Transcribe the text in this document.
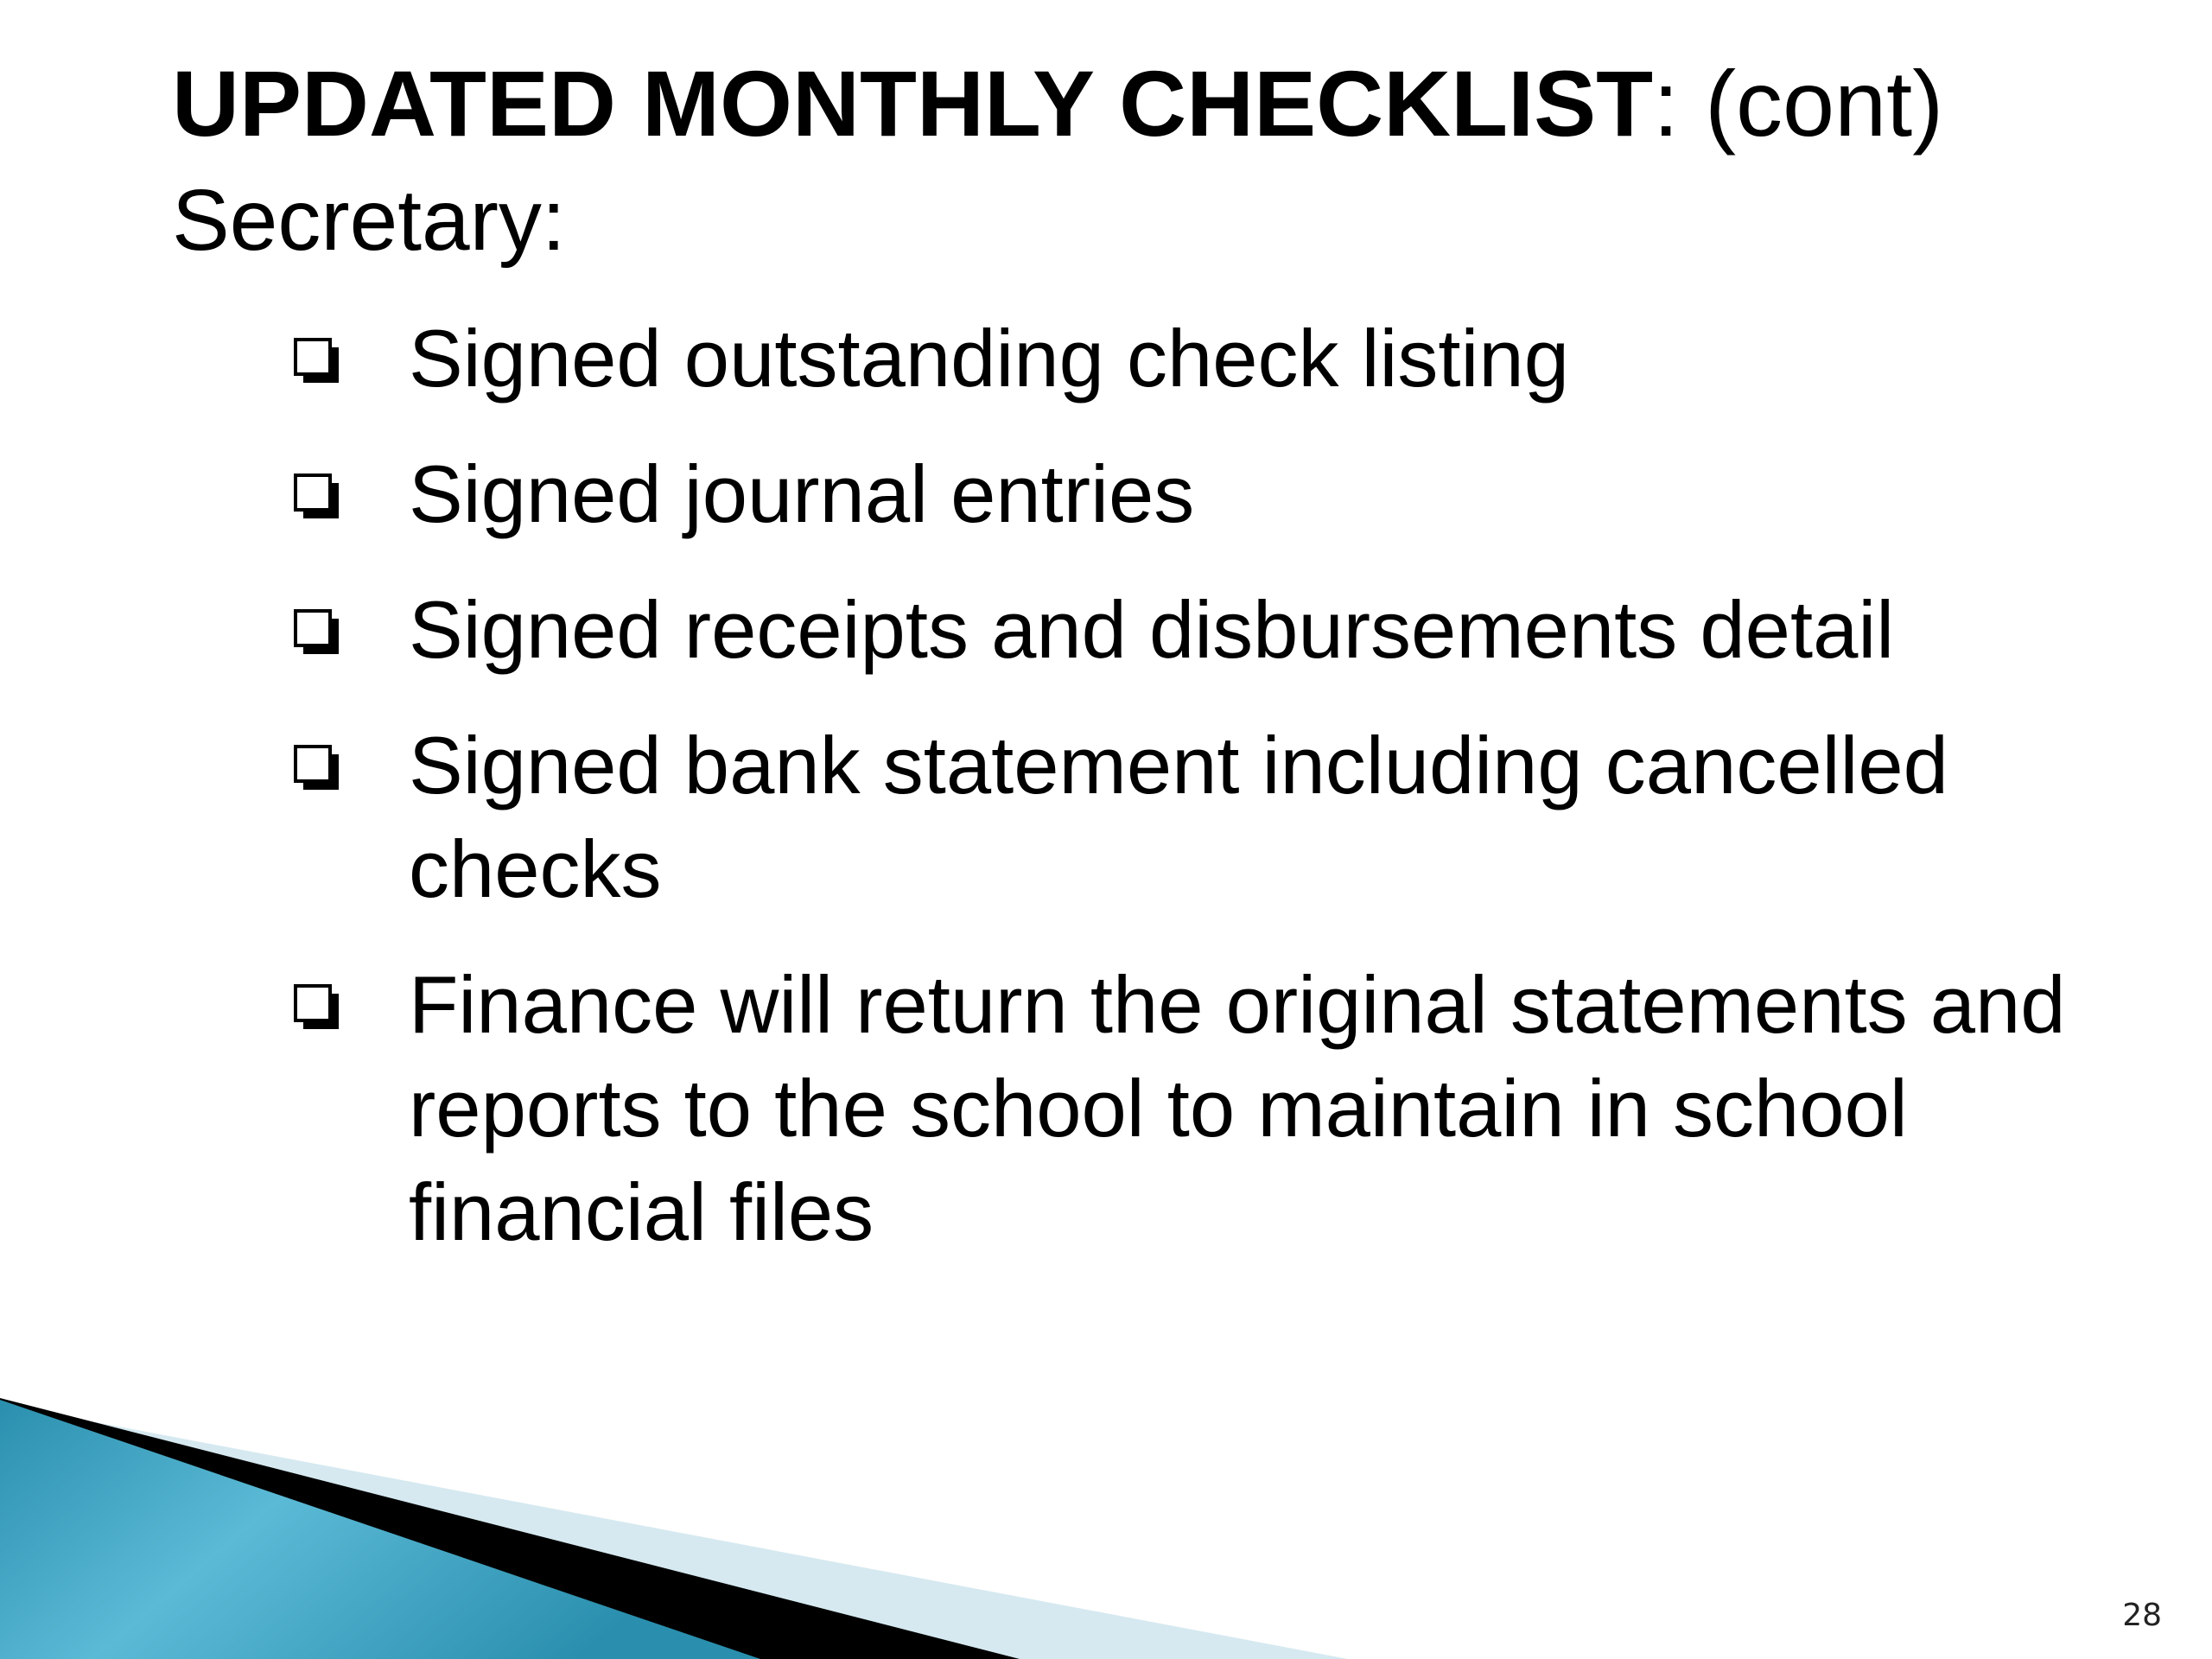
UPDATED MONTHLY CHECKLIST: (cont)
Secretary:
Signed outstanding check listing
Signed journal entries
Signed receipts and disbursements detail
Signed bank statement including cancelled checks
Finance will return the original statements and reports to the school to maintain in school financial files
28
